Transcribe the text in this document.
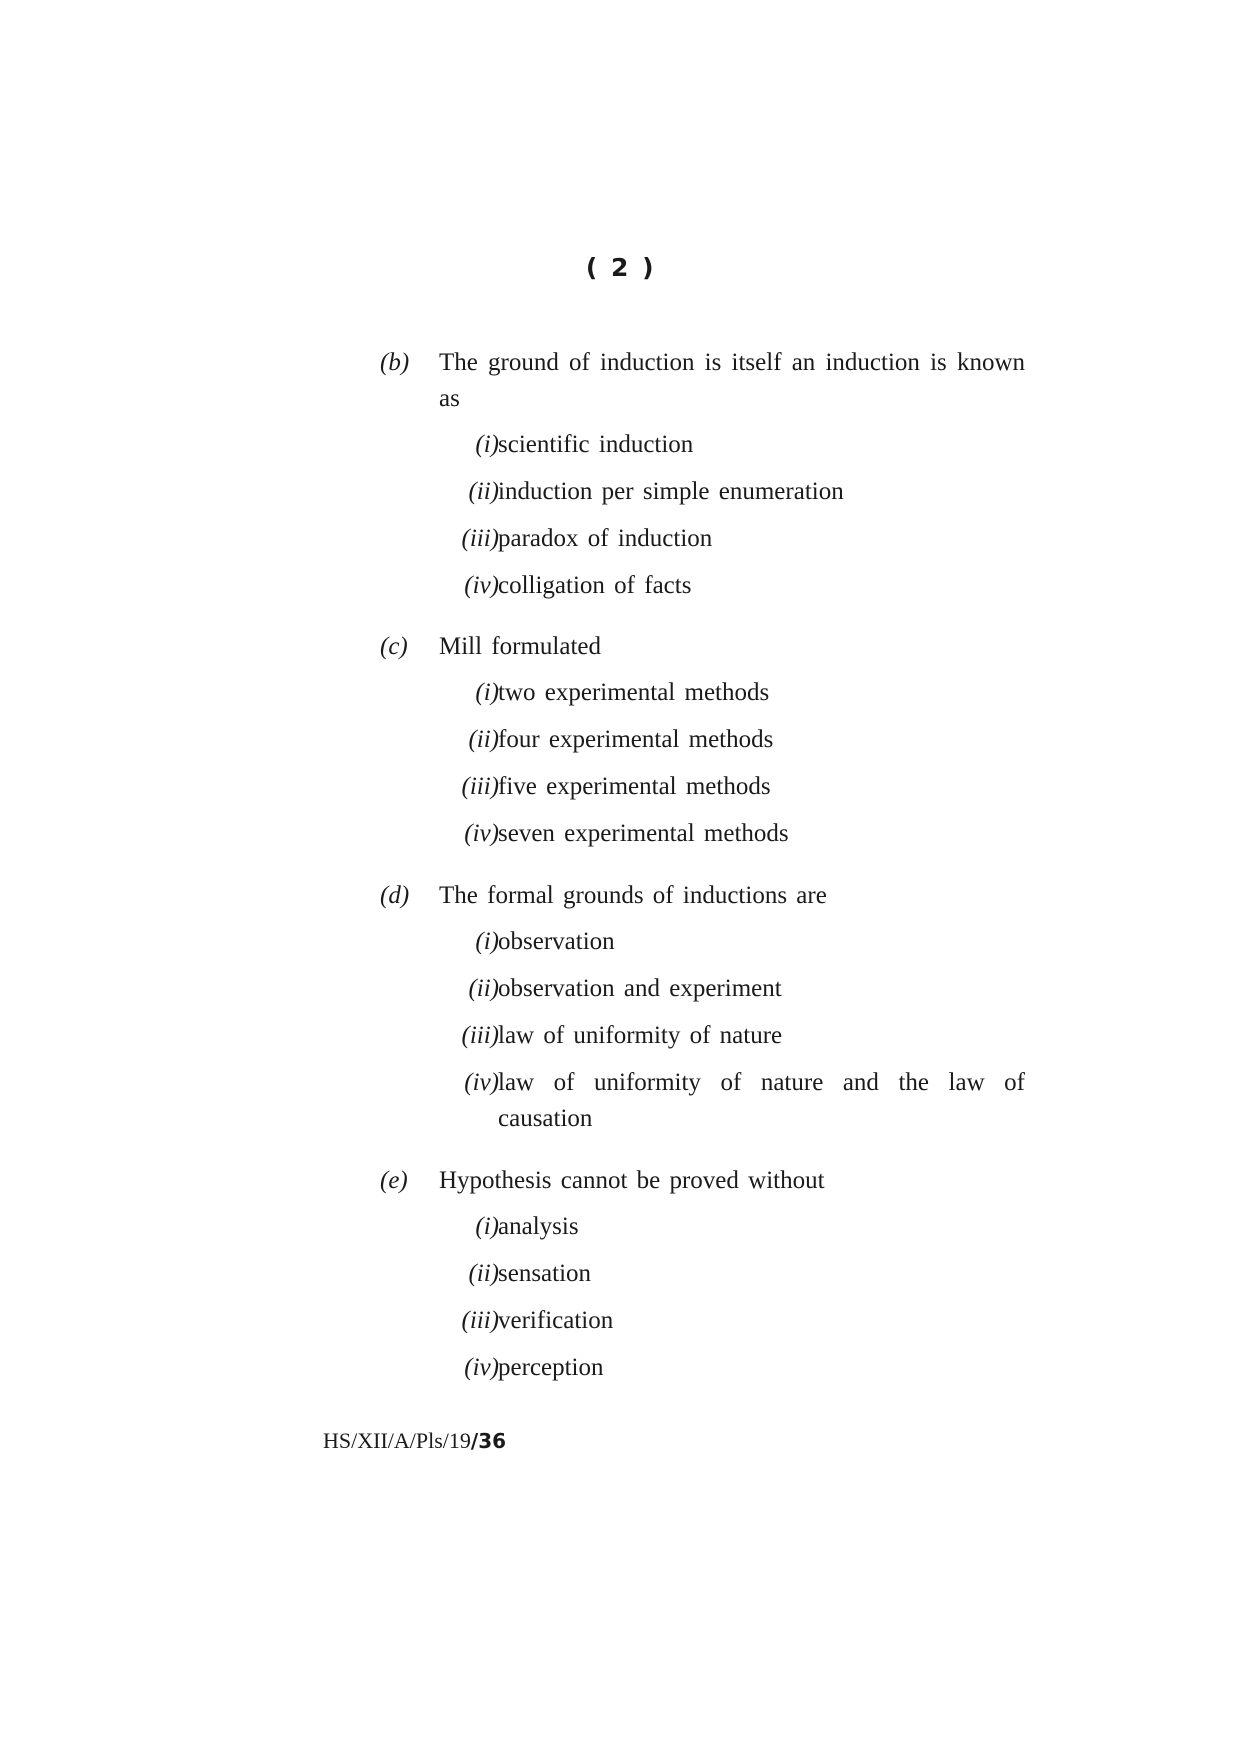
( 2 )
(b) The ground of induction is itself an induction is known as
(i) scientific induction
(ii) induction per simple enumeration
(iii) paradox of induction
(iv) colligation of facts
(c) Mill formulated
(i) two experimental methods
(ii) four experimental methods
(iii) five experimental methods
(iv) seven experimental methods
(d) The formal grounds of inductions are
(i) observation
(ii) observation and experiment
(iii) law of uniformity of nature
(iv) law of uniformity of nature and the law of causation
(e) Hypothesis cannot be proved without
(i) analysis
(ii) sensation
(iii) verification
(iv) perception
HS/XII/A/Pls/19/36
